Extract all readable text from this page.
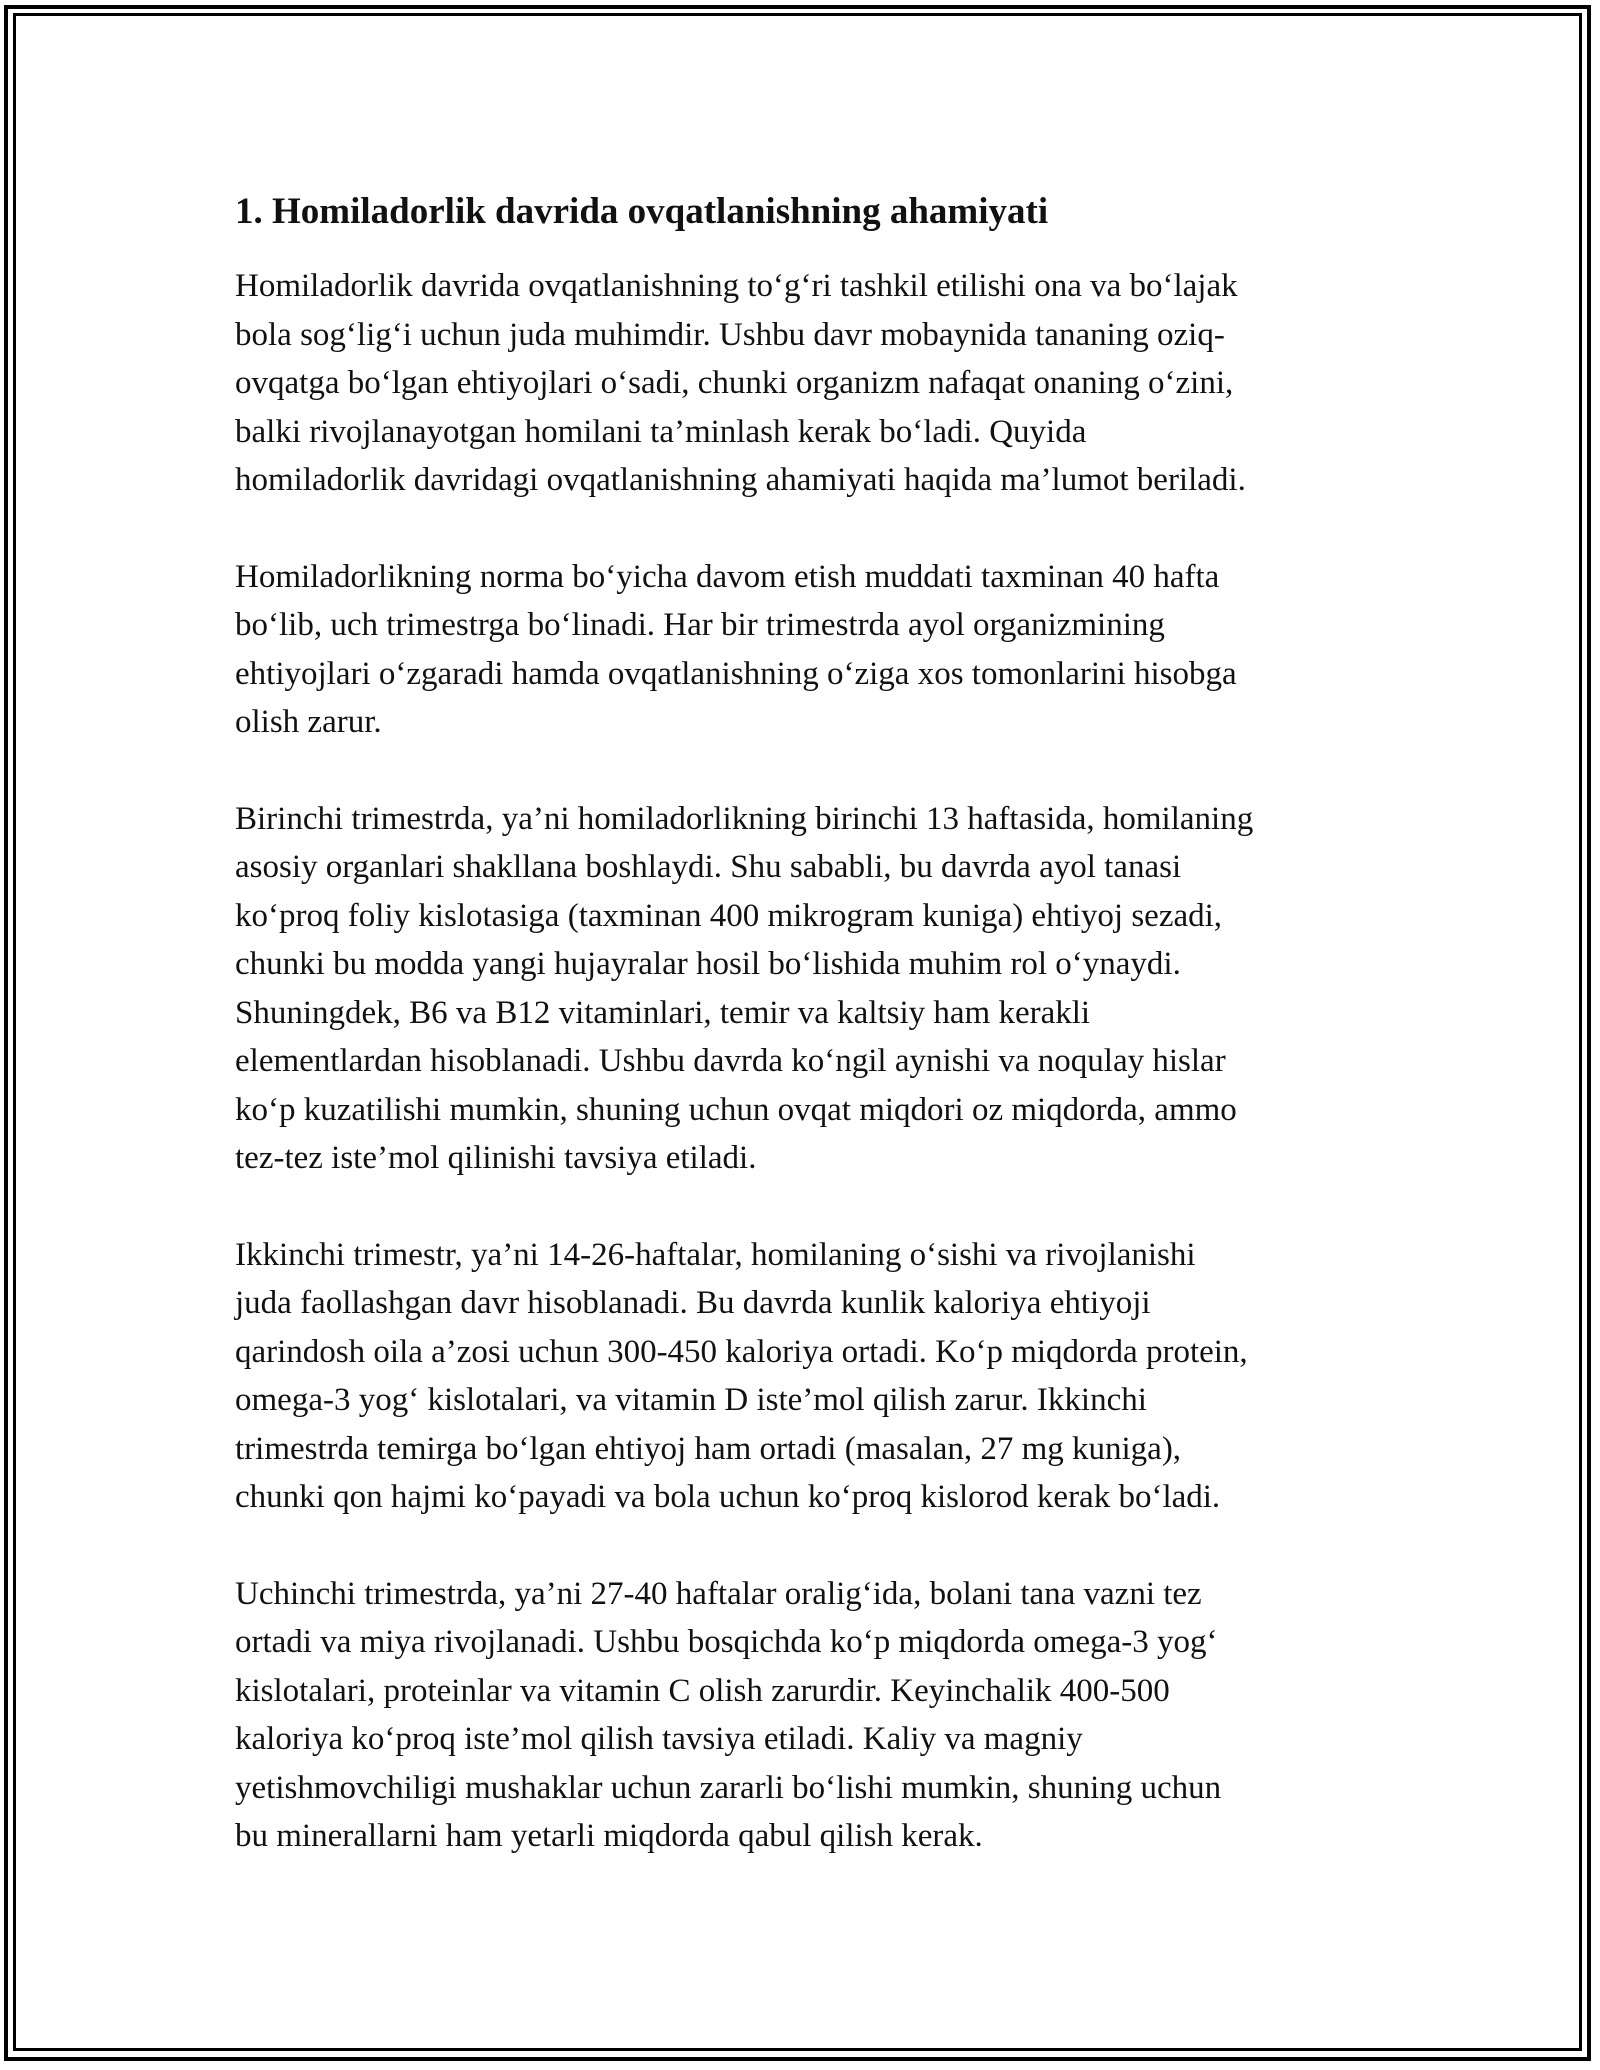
1. Homiladorlik davrida ovqatlanishning ahamiyati

Homiladorlik davrida ovqatlanishning to‘g‘ri tashkil etilishi ona va bo‘lajak
bola sog‘lig‘i uchun juda muhimdir. Ushbu davr mobaynida tananing oziq-
ovqatga bo‘lgan ehtiyojlari o‘sadi, chunki organizm nafaqat onaning o‘zini,
balki rivojlanayotgan homilani ta’minlash kerak bo‘ladi. Quyida
homiladorlik davridagi ovqatlanishning ahamiyati haqida ma’lumot beriladi.

Homiladorlikning norma bo‘yicha davom etish muddati taxminan 40 hafta
bo‘lib, uch trimestrga bo‘linadi. Har bir trimestrda ayol organizmining
ehtiyojlari o‘zgaradi hamda ovqatlanishning o‘ziga xos tomonlarini hisobga
olish zarur.

Birinchi trimestrda, ya’ni homiladorlikning birinchi 13 haftasida, homilaning
asosiy organlari shakllana boshlaydi. Shu sababli, bu davrda ayol tanasi
ko‘proq foliy kislotasiga (taxminan 400 mikrogram kuniga) ehtiyoj sezadi,
chunki bu modda yangi hujayralar hosil bo‘lishida muhim rol o‘ynaydi.
Shuningdek, B6 va B12 vitaminlari, temir va kaltsiy ham kerakli
elementlardan hisoblanadi. Ushbu davrda ko‘ngil aynishi va noqulay hislar
ko‘p kuzatilishi mumkin, shuning uchun ovqat miqdori oz miqdorda, ammo
tez-tez iste’mol qilinishi tavsiya etiladi.

Ikkinchi trimestr, ya’ni 14-26-haftalar, homilaning o‘sishi va rivojlanishi
juda faollashgan davr hisoblanadi. Bu davrda kunlik kaloriya ehtiyoji
qarindosh oila a’zosi uchun 300-450 kaloriya ortadi. Ko‘p miqdorda protein,
omega-3 yog‘ kislotalari, va vitamin D iste’mol qilish zarur. Ikkinchi
trimestrda temirga bo‘lgan ehtiyoj ham ortadi (masalan, 27 mg kuniga),
chunki qon hajmi ko‘payadi va bola uchun ko‘proq kislorod kerak bo‘ladi.

Uchinchi trimestrda, ya’ni 27-40 haftalar oralig‘ida, bolani tana vazni tez
ortadi va miya rivojlanadi. Ushbu bosqichda ko‘p miqdorda omega-3 yog‘
kislotalari, proteinlar va vitamin C olish zarurdir. Keyinchalik 400-500
kaloriya ko‘proq iste’mol qilish tavsiya etiladi. Kaliy va magniy
yetishmovchiligi mushaklar uchun zararli bo‘lishi mumkin, shuning uchun
bu minerallarni ham yetarli miqdorda qabul qilish kerak.
